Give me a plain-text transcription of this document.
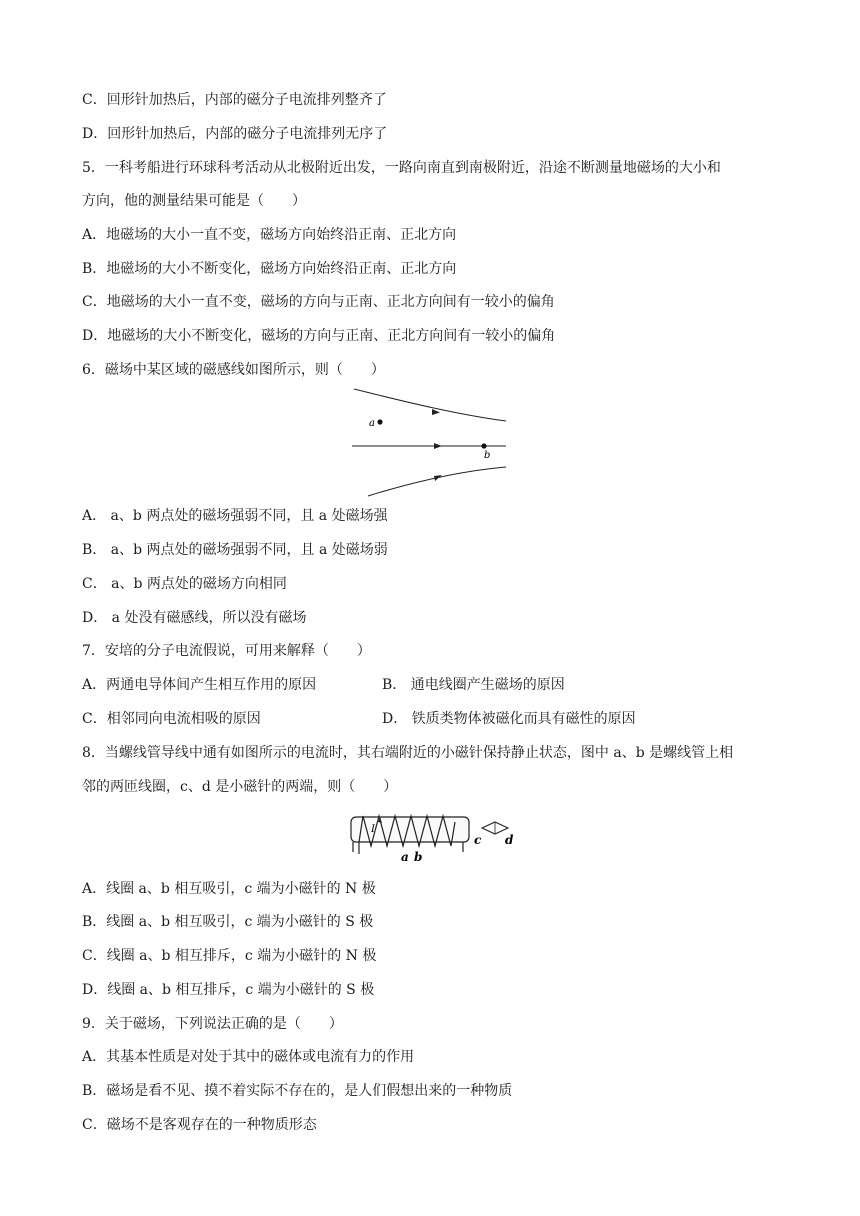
C．回形针加热后，内部的磁分子电流排列整齐了
D．回形针加热后，内部的磁分子电流排列无序了
5．一科考船进行环球科考活动从北极附近出发，一路向南直到南极附近，沿途不断测量地磁场的大小和
方向，他的测量结果可能是（　　）
A．地磁场的大小一直不变，磁场方向始终沿正南、正北方向
B．地磁场的大小不断变化，磁场方向始终沿正南、正北方向
C．地磁场的大小一直不变，磁场的方向与正南、正北方向间有一较小的偏角
D．地磁场的大小不断变化，磁场的方向与正南、正北方向间有一较小的偏角
6．磁场中某区域的磁感线如图所示，则（　　）
a
b
A． a、b 两点处的磁场强弱不同，且 a 处磁场强
B． a、b 两点处的磁场强弱不同，且 a 处磁场弱
C． a、b 两点处的磁场方向相同
D． a 处没有磁感线，所以没有磁场
7．安培的分子电流假说，可用来解释（　　）
A．两通电导体间产生相互作用的原因	B． 通电线圈产生磁场的原因
C．相邻同向电流相吸的原因	D． 铁质类物体被磁化而具有磁性的原因
8．当螺线管导线中通有如图所示的电流时，其右端附近的小磁针保持静止状态，图中 a、b 是螺线管上相
邻的两匝线圈，c、d 是小磁针的两端，则（　　）
I
a b
c d
A．线圈 a、b 相互吸引，c 端为小磁针的 N 极
B．线圈 a、b 相互吸引，c 端为小磁针的 S 极
C．线圈 a、b 相互排斥，c 端为小磁针的 N 极
D．线圈 a、b 相互排斥，c 端为小磁针的 S 极
9．关于磁场，下列说法正确的是（　　）
A．其基本性质是对处于其中的磁体或电流有力的作用
B．磁场是看不见、摸不着实际不存在的，是人们假想出来的一种物质
C．磁场不是客观存在的一种物质形态
